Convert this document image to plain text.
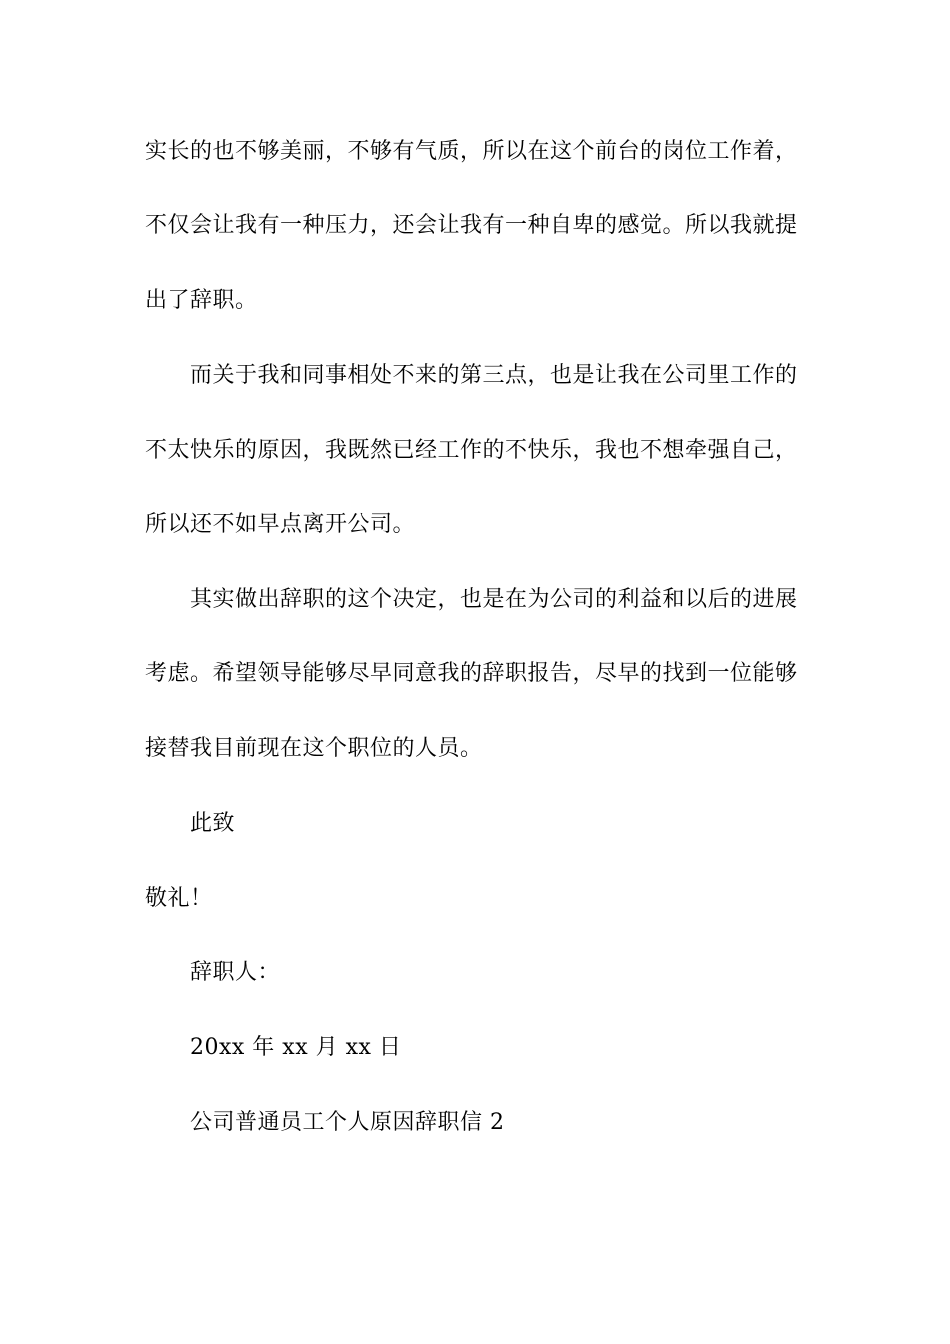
实长的也不够美丽，不够有气质，所以在这个前台的岗位工作着，
不仅会让我有一种压力，还会让我有一种自卑的感觉。所以我就提
出了辞职。
而关于我和同事相处不来的第三点，也是让我在公司里工作的
不太快乐的原因，我既然已经工作的不快乐，我也不想牵强自己，
所以还不如早点离开公司。
其实做出辞职的这个决定，也是在为公司的利益和以后的进展
考虑。希望领导能够尽早同意我的辞职报告，尽早的找到一位能够
接替我目前现在这个职位的人员。
此致
敬礼！
辞职人：
20xx 年 xx 月 xx 日
公司普通员工个人原因辞职信 2
